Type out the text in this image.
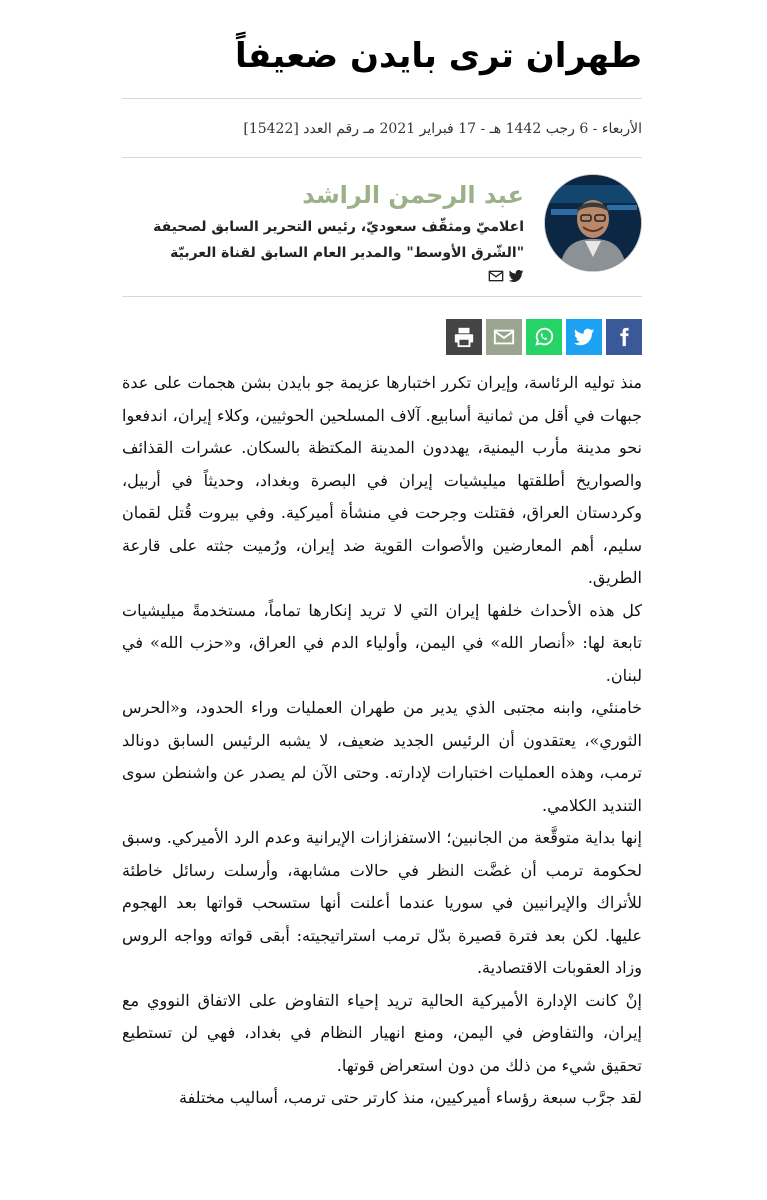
طهران ترى بايدن ضعيفاً
الأربعاء - 6 رجب 1442 هـ - 17 فبراير 2021 مـ رقم العدد [15422]
عبد الرحمن الراشد
اعلاميّ ومثقّف سعوديّ، رئيس التحرير السابق لصحيفة "الشّرق الأوسط" والمدير العام السابق لقناة العربيّة

منذ توليه الرئاسة، وإيران تكرر اختبارها عزيمة جو بايدن بشن هجمات على عدة جبهات في أقل من ثمانية أسابيع. آلاف المسلحين الحوثيين، وكلاء إيران، اندفعوا نحو مدينة مأرب اليمنية، يهددون المدينة المكتظة بالسكان. عشرات القذائف والصواريخ أطلقتها ميليشيات إيران في البصرة وبغداد، وحديثاً في أربيل، وكردستان العراق، فقتلت وجرحت في منشأة أميركية. وفي بيروت قُتل لقمان سليم، أهم المعارضين والأصوات القوية ضد إيران، ورُميت جثته على قارعة الطريق.

كل هذه الأحداث خلفها إيران التي لا تريد إنكارها تماماً، مستخدمةً ميليشيات تابعة لها: «أنصار الله» في اليمن، وأولياء الدم في العراق، و«حزب الله» في لبنان.

خامنئي، وابنه مجتبى الذي يدير من طهران العمليات وراء الحدود، و«الحرس الثوري»، يعتقدون أن الرئيس الجديد ضعيف، لا يشبه الرئيس السابق دونالد ترمب، وهذه العمليات اختبارات لإدارته. وحتى الآن لم يصدر عن واشنطن سوى التنديد الكلامي.

إنها بداية متوقَّعة من الجانبين؛ الاستفزازات الإيرانية وعدم الرد الأميركي. وسبق لحكومة ترمب أن غضَّت النظر في حالات مشابهة، وأرسلت رسائل خاطئة للأتراك والإيرانيين في سوريا عندما أعلنت أنها ستسحب قواتها بعد الهجوم عليها. لكن بعد فترة قصيرة بدّل ترمب استراتيجيته: أبقى قواته وواجه الروس وزاد العقوبات الاقتصادية.

إنْ كانت الإدارة الأميركية الحالية تريد إحياء التفاوض على الاتفاق النووي مع إيران، والتفاوض في اليمن، ومنع انهيار النظام في بغداد، فهي لن تستطيع تحقيق شيء من ذلك من دون استعراض قوتها.

لقد جرَّب سبعة رؤساء أميركيين، منذ كارتر حتى ترمب، أساليب مختلفة
